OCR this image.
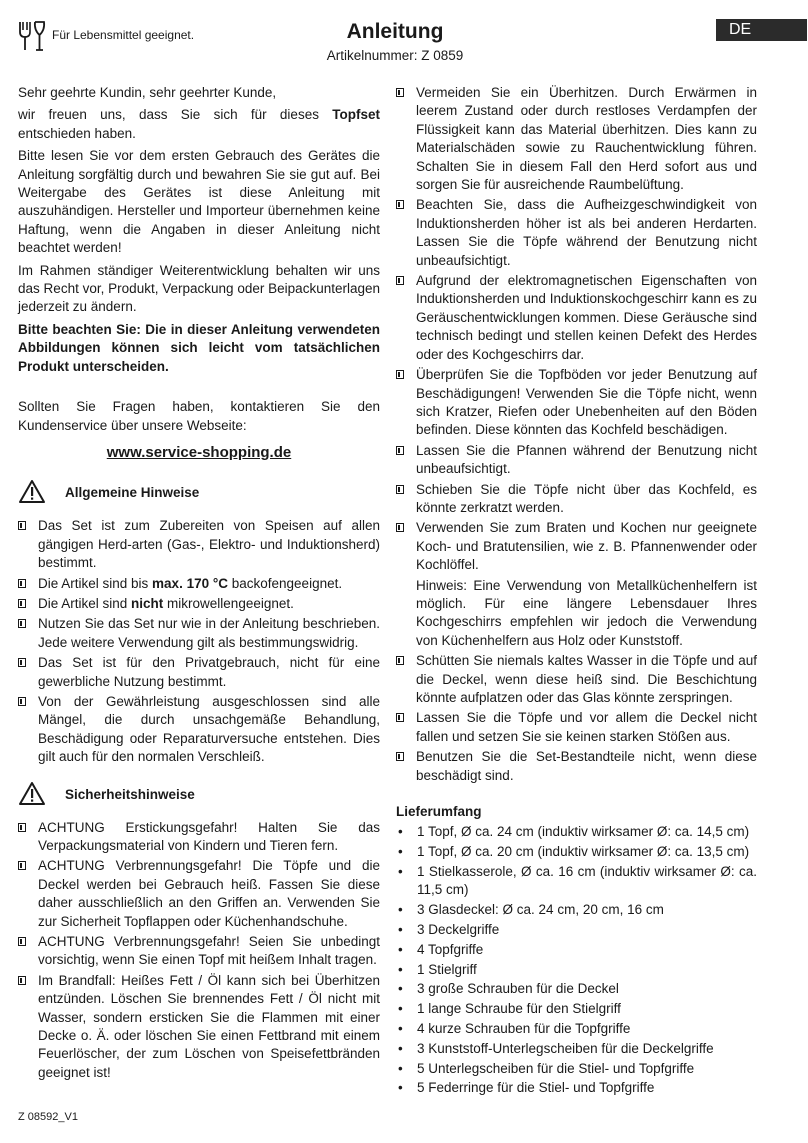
Für Lebensmittel geeignet.	Anleitung
Artikelnummer: Z 0859
DE

Sehr geehrte Kundin, sehr geehrter Kunde,

wir freuen uns, dass Sie sich für dieses Topfset entschieden haben.

Bitte lesen Sie vor dem ersten Gebrauch des Gerätes die Anleitung sorgfältig durch und bewahren Sie sie gut auf. Bei Weitergabe des Gerätes ist diese Anleitung mit auszuhändigen. Hersteller und Importeur übernehmen keine Haftung, wenn die Angaben in dieser Anleitung nicht beachtet werden!

Im Rahmen ständiger Weiterentwicklung behalten wir uns das Recht vor, Produkt, Verpackung oder Beipackunterlagen jederzeit zu ändern.

Bitte beachten Sie: Die in dieser Anleitung verwendeten Abbildungen können sich leicht vom tatsächlichen Produkt unterscheiden.

Sollten Sie Fragen haben, kontaktieren Sie den Kundenservice über unsere Webseite:

www.service-shopping.de
Allgemeine Hinweise
Das Set ist zum Zubereiten von Speisen auf allen gängigen Herd-arten (Gas-, Elektro- und Induktionsherd) bestimmt.
Die Artikel sind bis max. 170 °C backofengeeignet.
Die Artikel sind nicht mikrowellengeeignet.
Nutzen Sie das Set nur wie in der Anleitung beschrieben. Jede weitere Verwendung gilt als bestimmungswidrig.
Das Set ist für den Privatgebrauch, nicht für eine gewerbliche Nutzung bestimmt.
Von der Gewährleistung ausgeschlossen sind alle Mängel, die durch unsachgemäße Behandlung, Beschädigung oder Reparaturversuche entstehen. Dies gilt auch für den normalen Verschleiß.
Sicherheitshinweise
ACHTUNG Erstickungsgefahr! Halten Sie das Verpackungsmaterial von Kindern und Tieren fern.
ACHTUNG Verbrennungsgefahr! Die Töpfe und die Deckel werden bei Gebrauch heiß. Fassen Sie diese daher ausschließlich an den Griffen an. Verwenden Sie zur Sicherheit Topflappen oder Küchenhandschuhe.
ACHTUNG Verbrennungsgefahr! Seien Sie unbedingt vorsichtig, wenn Sie einen Topf mit heißem Inhalt tragen.
Im Brandfall: Heißes Fett / Öl kann sich bei Überhitzen entzünden. Löschen Sie brennendes Fett / Öl nicht mit Wasser, sondern ersticken Sie die Flammen mit einer Decke o. Ä. oder löschen Sie einen Fettbrand mit einem Feuerlöscher, der zum Löschen von Speisefettbränden geeignet ist!
Vermeiden Sie ein Überhitzen. Durch Erwärmen in leerem Zustand oder durch restloses Verdampfen der Flüssigkeit kann das Material überhitzen. Dies kann zu Materialschäden sowie zu Rauchentwicklung führen. Schalten Sie in diesem Fall den Herd sofort aus und sorgen Sie für ausreichende Raumbelüftung.
Beachten Sie, dass die Aufheizgeschwindigkeit von Induktionsherden höher ist als bei anderen Herdarten. Lassen Sie die Töpfe während der Benutzung nicht unbeaufsichtigt.
Aufgrund der elektromagnetischen Eigenschaften von Induktionsherden und Induktionskochgeschirr kann es zu Geräuschentwicklungen kommen. Diese Geräusche sind technisch bedingt und stellen keinen Defekt des Herdes oder des Kochgeschirrs dar.
Überprüfen Sie die Topfböden vor jeder Benutzung auf Beschädigungen! Verwenden Sie die Töpfe nicht, wenn sich Kratzer, Riefen oder Unebenheiten auf den Böden befinden. Diese könnten das Kochfeld beschädigen.
Lassen Sie die Pfannen während der Benutzung nicht unbeaufsichtigt.
Schieben Sie die Töpfe nicht über das Kochfeld, es könnte zerkratzt werden.
Verwenden Sie zum Braten und Kochen nur geeignete Koch- und Bratutensilien, wie z. B. Pfannenwender oder Kochlöffel.

Hinweis: Eine Verwendung von Metallküchenhelfern ist möglich. Für eine längere Lebensdauer Ihres Kochgeschirrs empfehlen wir jedoch die Verwendung von Küchenhelfern aus Holz oder Kunststoff.

Schütten Sie niemals kaltes Wasser in die Töpfe und auf die Deckel, wenn diese heiß sind. Die Beschichtung könnte aufplatzen oder das Glas könnte zerspringen.
Lassen Sie die Töpfe und vor allem die Deckel nicht fallen und setzen Sie sie keinen starken Stößen aus.
Benutzen Sie die Set-Bestandteile nicht, wenn diese beschädigt sind.
Lieferumfang
• 1 Topf, Ø ca. 24 cm (induktiv wirksamer Ø: ca. 14,5 cm)
• 1 Topf, Ø ca. 20 cm (induktiv wirksamer Ø: ca. 13,5 cm)
• 1 Stielkasserole, Ø ca. 16 cm (induktiv wirksamer Ø: ca. 11,5 cm)
• 3 Glasdeckel: Ø ca. 24 cm, 20 cm, 16 cm
• 3 Deckelgriffe
• 4 Topfgriffe
• 1 Stielgriff
• 3 große Schrauben für die Deckel
• 1 lange Schraube für den Stielgriff
• 4 kurze Schrauben für die Topfgriffe
• 3 Kunststoff-Unterlegscheiben für die Deckelgriffe
• 5 Unterlegscheiben für die Stiel- und Topfgriffe
• 5 Federringe für die Stiel- und Topfgriffe
Z 08592_V1
